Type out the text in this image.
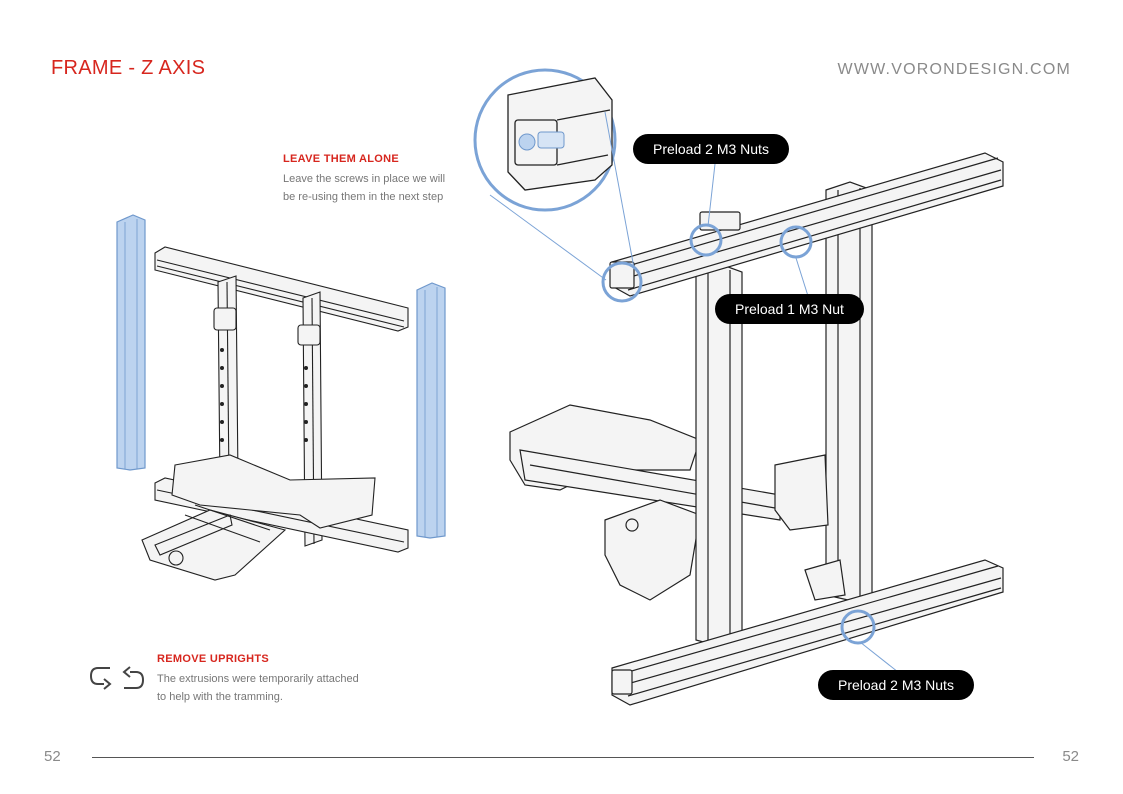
FRAME - Z AXIS	WWW.VORONDESIGN.COM
LEAVE THEM ALONE
Leave the screws in place we will
be re-using them in the next step
Preload 2 M3 Nuts
Preload 1 M3 Nut
Preload 2 M3 Nuts
REMOVE UPRIGHTS
The extrusions were temporarily attached
to help with the tramming.
52	52
